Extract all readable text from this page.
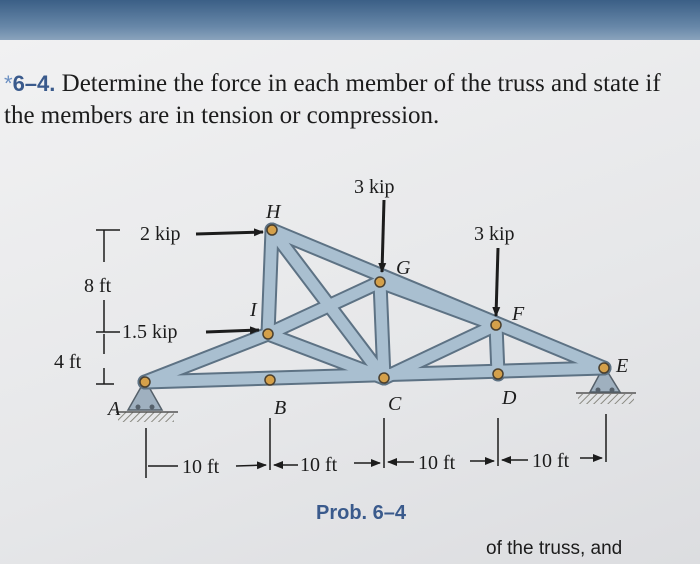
*6–4. Determine the force in each member of the truss and state if the members are in tension or compression.

2 kip
1.5 kip
3 kip
3 kip
A	B	C	D
E
F
G
H
I
8 ft
4 ft
10 ft	10 ft	10 ft	10 ft

Prob. 6–4

of the truss, and
